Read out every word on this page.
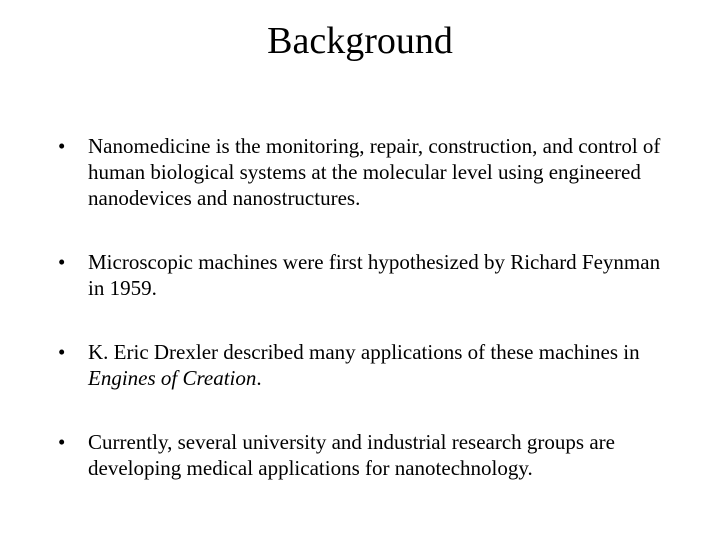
Background
•	Nanomedicine is the monitoring, repair, construction, and control of human biological systems at the molecular level using engineered nanodevices and nanostructures.
•	Microscopic machines were first hypothesized by Richard Feynman in 1959.
•	K. Eric Drexler described many applications of these machines in Engines of Creation.
•	Currently, several university and industrial research groups are developing medical applications for nanotechnology.
